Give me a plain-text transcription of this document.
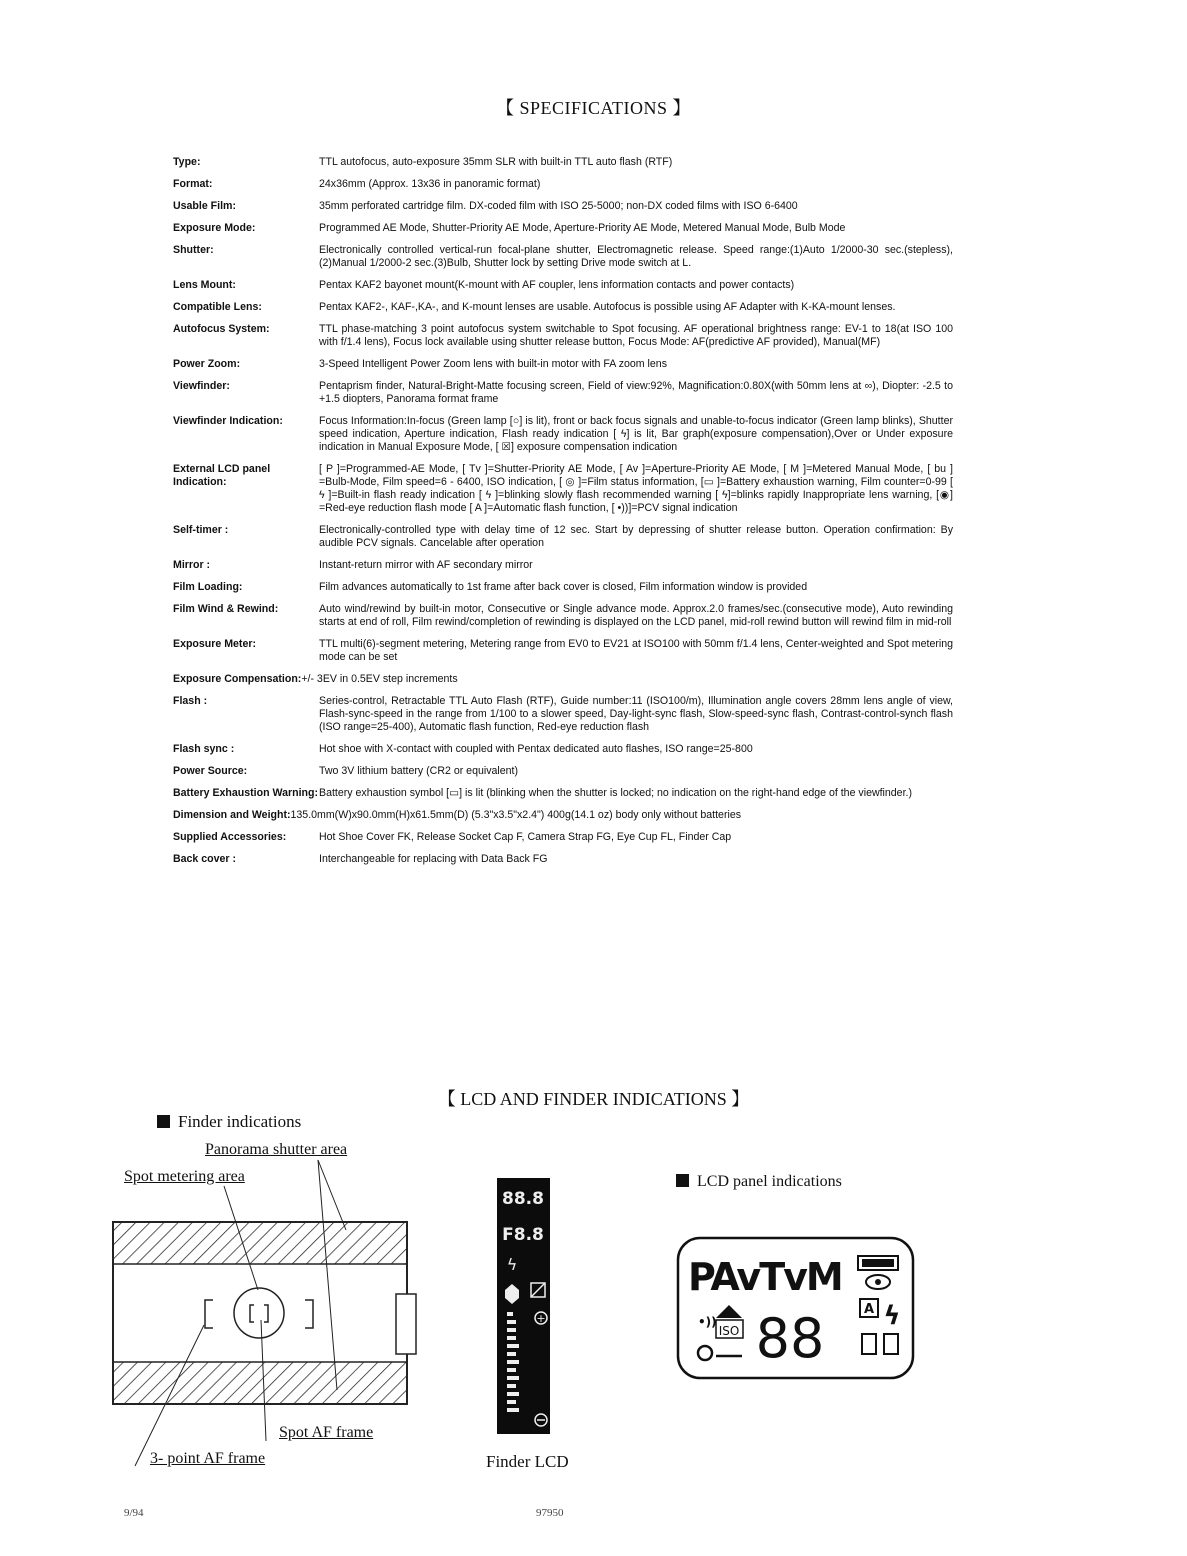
【 SPECIFICATIONS 】
Type:	TTL autofocus, auto-exposure 35mm SLR with built-in TTL auto flash (RTF)
Format:	24x36mm (Approx. 13x36 in panoramic format)
Usable Film:	35mm perforated cartridge film. DX-coded film with ISO 25-5000; non-DX coded films with ISO 6-6400
Exposure Mode:	Programmed AE Mode, Shutter-Priority AE Mode, Aperture-Priority AE Mode, Metered Manual Mode, Bulb Mode
Shutter:	Electronically controlled vertical-run focal-plane shutter, Electromagnetic release. Speed range:(1)Auto 1/2000-30 sec.(stepless),(2)Manual 1/2000-2 sec.(3)Bulb, Shutter lock by setting Drive mode switch at L.
Lens Mount:	Pentax KAF2 bayonet mount(K-mount with AF coupler, lens information contacts and power contacts)
Compatible Lens:	Pentax KAF2-, KAF-,KA-, and K-mount lenses are usable. Autofocus is possible using AF Adapter with K-KA-mount lenses.
Autofocus System:	TTL phase-matching 3 point autofocus system switchable to Spot focusing. AF operational brightness range: EV-1 to 18(at ISO 100 with f/1.4 lens), Focus lock available using shutter release button, Focus Mode: AF(predictive AF provided), Manual(MF)
Power Zoom:	3-Speed Intelligent Power Zoom lens with built-in motor with FA zoom lens
Viewfinder:	Pentaprism finder, Natural-Bright-Matte focusing screen, Field of view:92%, Magnification:0.80X(with 50mm lens at ∞), Diopter: -2.5 to +1.5 diopters, Panorama format frame
Viewfinder Indication:	Focus Information:In-focus (Green lamp [○] is lit), front or back focus signals and unable-to-focus indicator (Green lamp blinks), Shutter speed indication, Aperture indication, Flash ready indication [ ϟ] is lit, Bar graph(exposure compensation),Over or Under exposure indication in Manual Exposure Mode, [ ☒] exposure compensation indication
External LCD panel Indication:
[ P ]=Programmed-AE Mode, [ Tv ]=Shutter-Priority AE Mode, [ Av ]=Aperture-Priority AE Mode, [ M ]=Metered Manual Mode, [ bu ] =Bulb-Mode, Film speed=6 - 6400, ISO indication, [ ◎ ]=Film status information, [▭ ]=Battery exhaustion warning, Film counter=0-99 [ ϟ ]=Built-in flash ready indication [ ϟ ]=blinking slowly flash recommended warning [ ϟ]=blinks rapidly Inappropriate lens warning, [◉] =Red-eye reduction flash mode [ A ]=Automatic flash function, [ •))]=PCV signal indication
Self-timer :	Electronically-controlled type with delay time of 12 sec. Start by depressing of shutter release button. Operation confirmation: By audible PCV signals. Cancelable after operation
Mirror :	Instant-return mirror with AF secondary mirror
Film Loading:	Film advances automatically to 1st frame after back cover is closed, Film information window is provided
Film Wind & Rewind:	Auto wind/rewind by built-in motor, Consecutive or Single advance mode. Approx.2.0 frames/sec.(consecutive mode), Auto rewinding starts at end of roll, Film rewind/completion of rewinding is displayed on the LCD panel, mid-roll rewind button will rewind film in mid-roll
Exposure Meter:	TTL multi(6)-segment metering, Metering range from EV0 to EV21 at ISO100 with 50mm f/1.4 lens, Center-weighted and Spot metering mode can be set
Exposure Compensation: +/- 3EV in 0.5EV step increments
Flash :	Series-control, Retractable TTL Auto Flash (RTF), Guide number:11 (ISO100/m), Illumination angle covers 28mm lens angle of view, Flash-sync-speed in the range from 1/100 to a slower speed, Day-light-sync flash, Slow-speed-sync flash, Contrast-control-synch flash (ISO range=25-400), Automatic flash function, Red-eye reduction flash
Flash sync :	Hot shoe with X-contact with coupled with Pentax dedicated auto flashes, ISO range=25-800
Power Source:	Two 3V lithium battery (CR2 or equivalent)
Battery Exhaustion Warning: Battery exhaustion symbol [▭] is lit (blinking when the shutter is locked; no indication on the right-hand edge of the viewfinder.)
Dimension and Weight: 135.0mm(W)x90.0mm(H)x61.5mm(D) (5.3"x3.5"x2.4") 400g(14.1 oz) body only without batteries
Supplied Accessories:	Hot Shoe Cover FK, Release Socket Cap F, Camera Strap FG, Eye Cup FL, Finder Cap
Back cover :	Interchangeable for replacing with Data Back FG
【 LCD AND FINDER INDICATIONS 】
Finder indications
Panorama shutter area
Spot metering area
Spot AF frame
3- point AF frame
88.8
F8.8
ϟ
+
PAvTvM
•))
ISO 88	A ϟ
LCD panel indications
Finder LCD
9/94	97950
